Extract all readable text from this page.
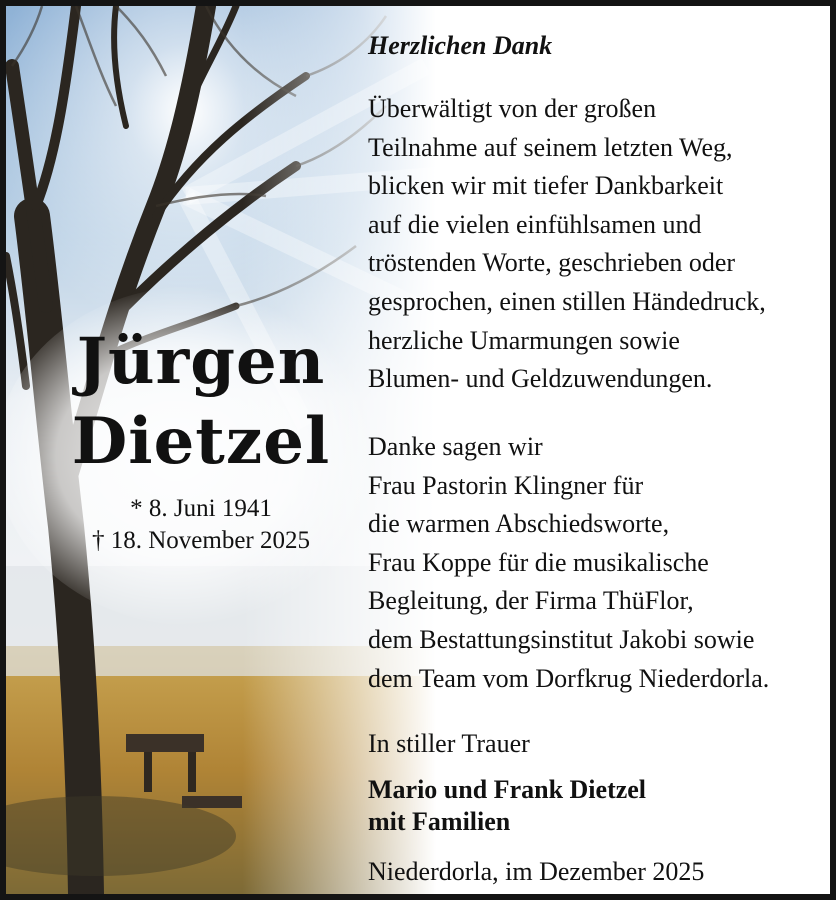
Jürgen
Dietzel
* 8. Juni 1941
† 18. November 2025
Herzlichen Dank
Überwältigt von der großen
Teilnahme auf seinem letzten Weg,
blicken wir mit tiefer Dankbarkeit
auf die vielen einfühlsamen und
tröstenden Worte, geschrieben oder
gesprochen, einen stillen Händedruck,
herzliche Umarmungen sowie
Blumen- und Geldzuwendungen.
Danke sagen wir
Frau Pastorin Klingner für
die warmen Abschiedsworte,
Frau Koppe für die musikalische
Begleitung, der Firma ThüFlor,
dem Bestattungsinstitut Jakobi sowie
dem Team vom Dorfkrug Niederdorla.
In stiller Trauer
Mario und Frank Dietzel
mit Familien
Niederdorla, im Dezember 2025
